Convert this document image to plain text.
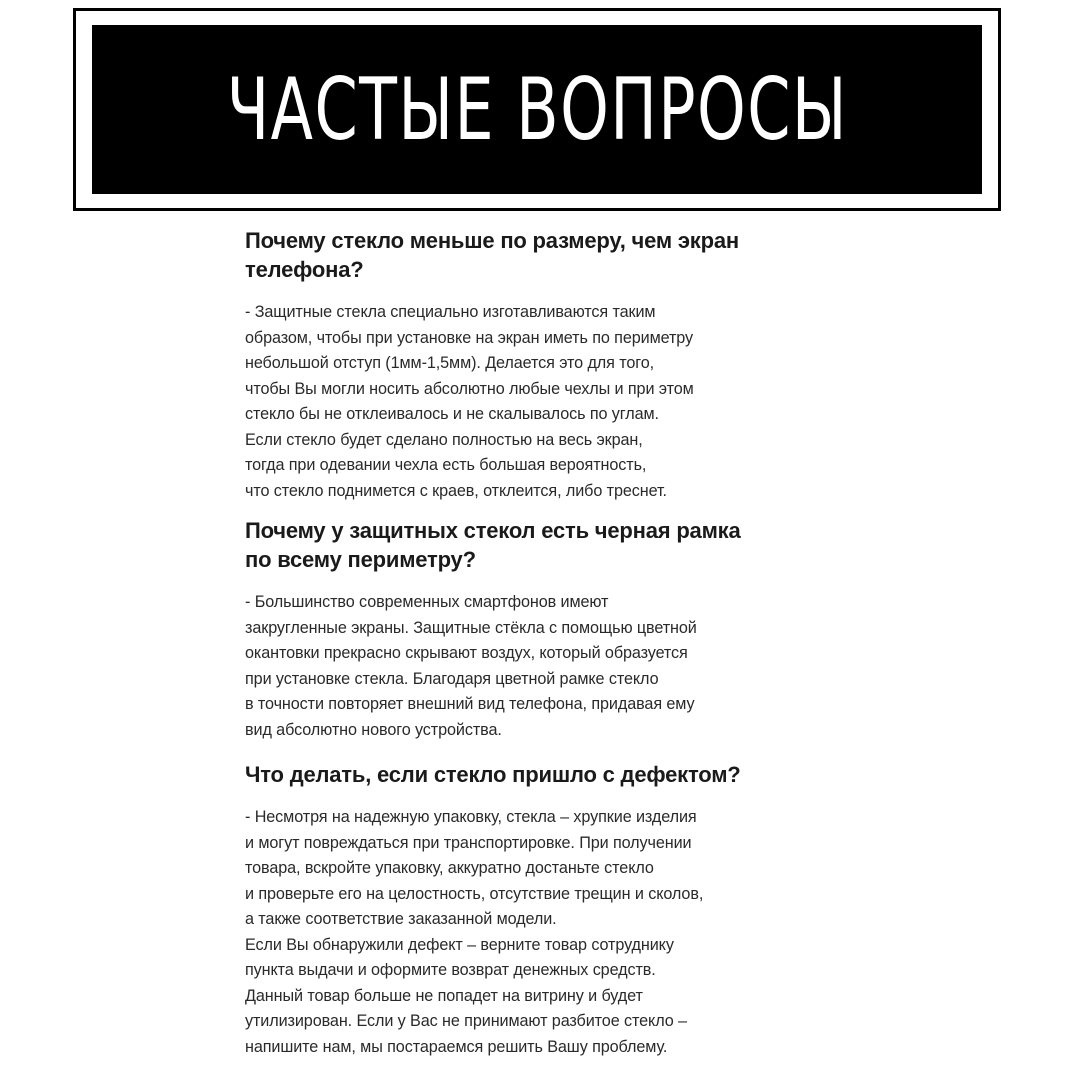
ЧАСТЫЕ ВОПРОСЫ
Почему стекло меньше по размеру, чем экран
телефона?
- Защитные стекла специально изготавливаются таким
образом, чтобы при установке на экран иметь по периметру
небольшой отступ (1мм-1,5мм). Делается это для того,
чтобы Вы могли носить абсолютно любые чехлы и при этом
стекло бы не отклеивалось и не скалывалось по углам.
Если стекло будет сделано полностью на весь экран,
тогда при одевании чехла есть большая вероятность,
что стекло поднимется с краев, отклеится, либо треснет.
Почему у защитных стекол есть черная рамка
по всему периметру?
- Большинство современных смартфонов имеют
закругленные экраны. Защитные стёкла с помощью цветной
окантовки прекрасно скрывают воздух, который образуется
при установке стекла. Благодаря цветной рамке стекло
в точности повторяет внешний вид телефона, придавая ему
вид абсолютно нового устройства.
Что делать, если стекло пришло с дефектом?
- Несмотря на надежную упаковку, стекла – хрупкие изделия
и могут повреждаться при транспортировке. При получении
товара, вскройте упаковку, аккуратно достаньте стекло
и проверьте его на целостность, отсутствие трещин и сколов,
а также соответствие заказанной модели.
Если Вы обнаружили дефект – верните товар сотруднику
пункта выдачи и оформите возврат денежных средств.
Данный товар больше не попадет на витрину и будет
утилизирован. Если у Вас не принимают разбитое стекло –
напишите нам, мы постараемся решить Вашу проблему.
